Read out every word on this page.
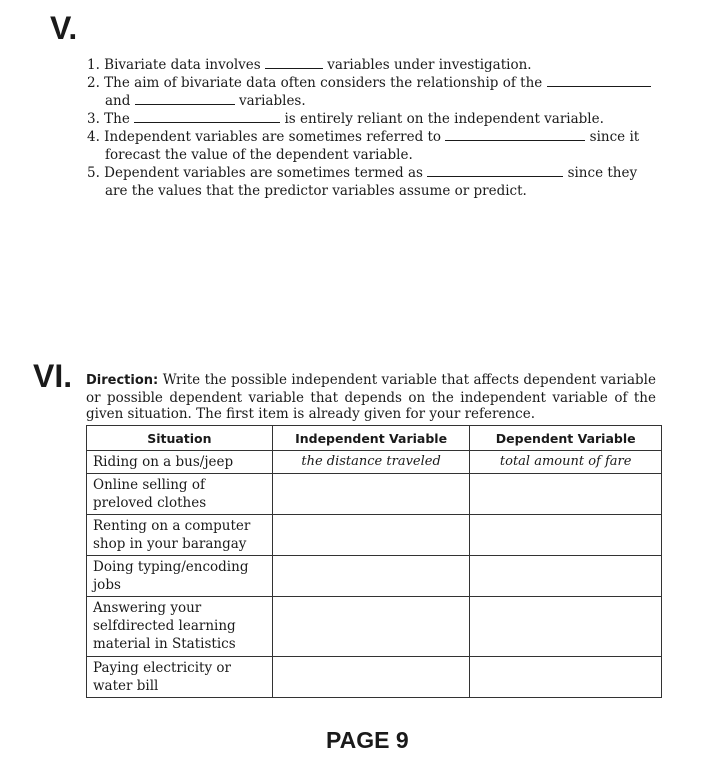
V.
1. Bivariate data involves	variables under investigation.
2. The aim of bivariate data often considers the relationship of the
and	variables.
3. The	is entirely reliant on the independent variable.
4. Independent variables are sometimes referred to	since it
forecast the value of the dependent variable.
5. Dependent variables are sometimes termed as	since they
are the values that the predictor variables assume or predict.
VI. Direction: Write the possible independent variable that affects dependent variable or possible dependent variable that depends on the independent variable of the given situation. The first item is already given for your reference.
Situation	Independent Variable	Dependent Variable
Riding on a bus/jeep	the distance traveled	total amount of fare
Online selling of preloved clothes		
Renting on a computer shop in your barangay		
Doing typing/encoding jobs		
Answering your selfdirected learning material in Statistics		
Paying electricity or water bill		
PAGE 9
